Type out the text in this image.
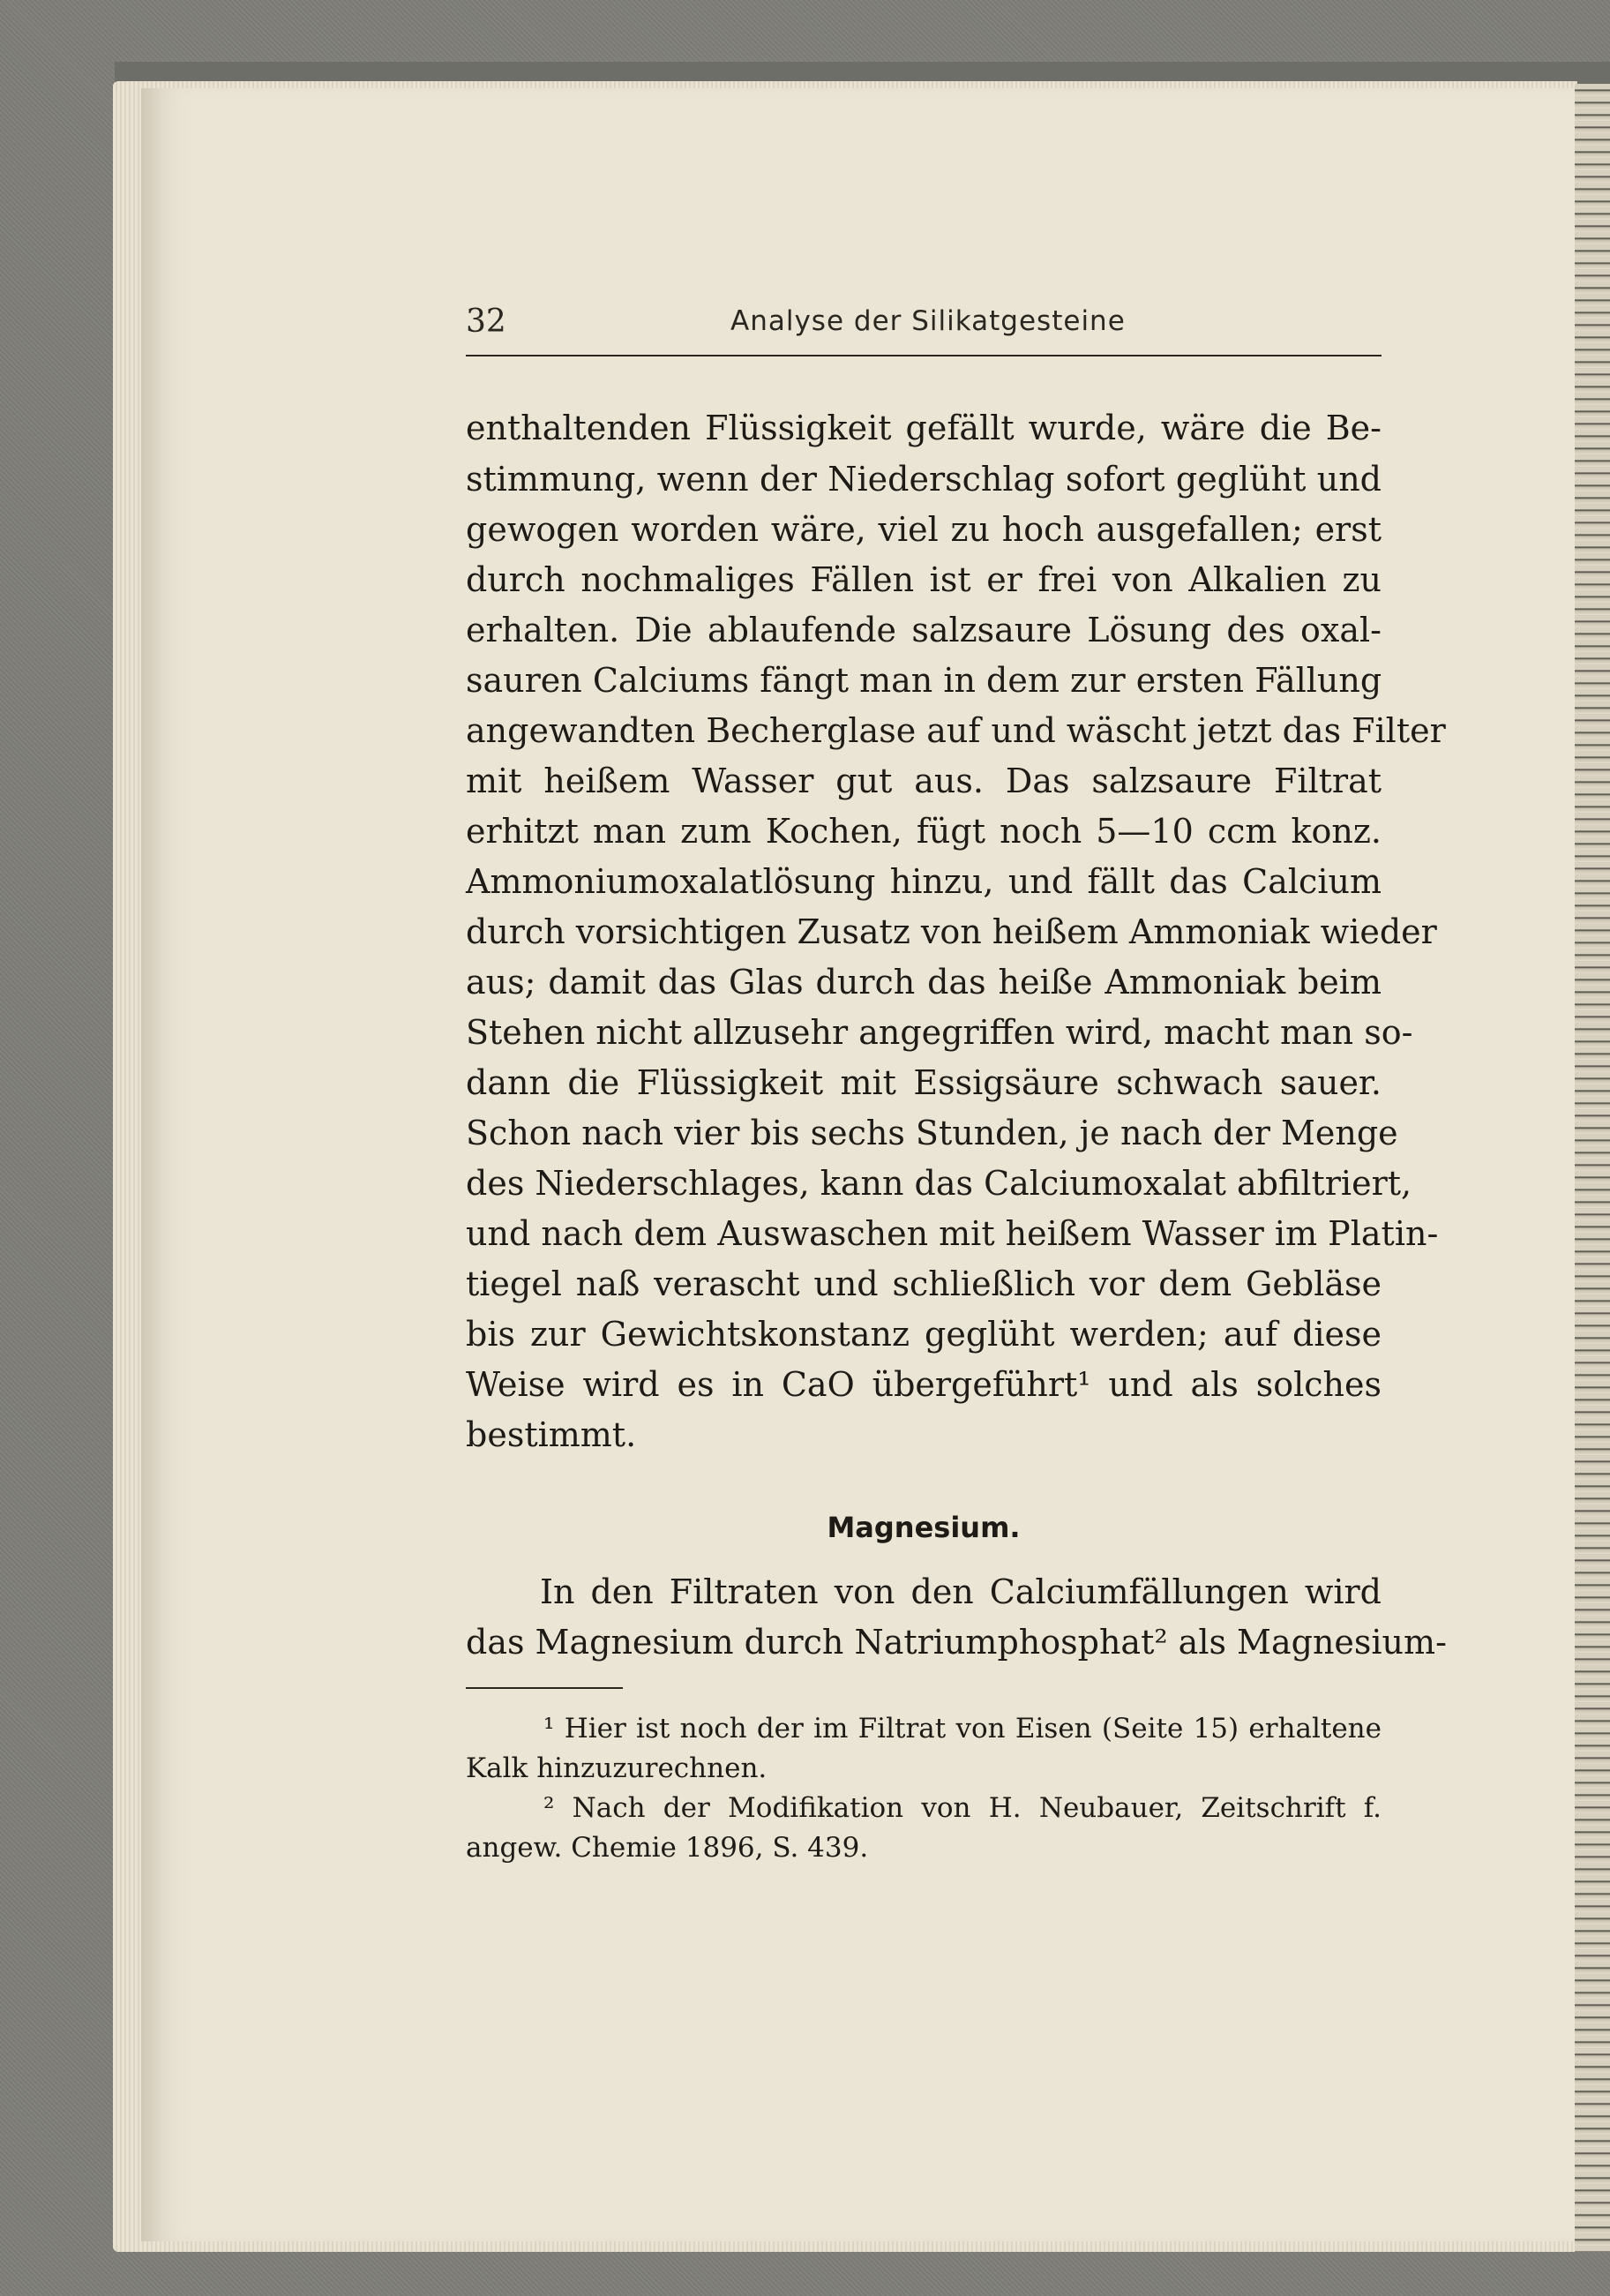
32	Analyse der Silikatgesteine
enthaltenden Flüssigkeit gefällt wurde, wäre die Be-
stimmung, wenn der Niederschlag sofort geglüht und
gewogen worden wäre, viel zu hoch ausgefallen; erst
durch nochmaliges Fällen ist er frei von Alkalien zu
erhalten. Die ablaufende salzsaure Lösung des oxal-
sauren Calciums fängt man in dem zur ersten Fällung
angewandten Becherglase auf und wäscht jetzt das Filter
mit heißem Wasser gut aus. Das salzsaure Filtrat
erhitzt man zum Kochen, fügt noch 5—10 ccm konz.
Ammoniumoxalatlösung hinzu, und fällt das Calcium
durch vorsichtigen Zusatz von heißem Ammoniak wieder
aus; damit das Glas durch das heiße Ammoniak beim
Stehen nicht allzusehr angegriffen wird, macht man so-
dann die Flüssigkeit mit Essigsäure schwach sauer.
Schon nach vier bis sechs Stunden, je nach der Menge
des Niederschlages, kann das Calciumoxalat abfiltriert,
und nach dem Auswaschen mit heißem Wasser im Platin-
tiegel naß verascht und schließlich vor dem Gebläse
bis zur Gewichtskonstanz geglüht werden; auf diese
Weise wird es in CaO übergeführt¹ und als solches
bestimmt.
Magnesium.
In den Filtraten von den Calciumfällungen wird
das Magnesium durch Natriumphosphat² als Magnesium-
¹ Hier ist noch der im Filtrat von Eisen (Seite 15) erhaltene
Kalk hinzuzurechnen.
² Nach der Modifikation von H. Neubauer, Zeitschrift f.
angew. Chemie 1896, S. 439.
